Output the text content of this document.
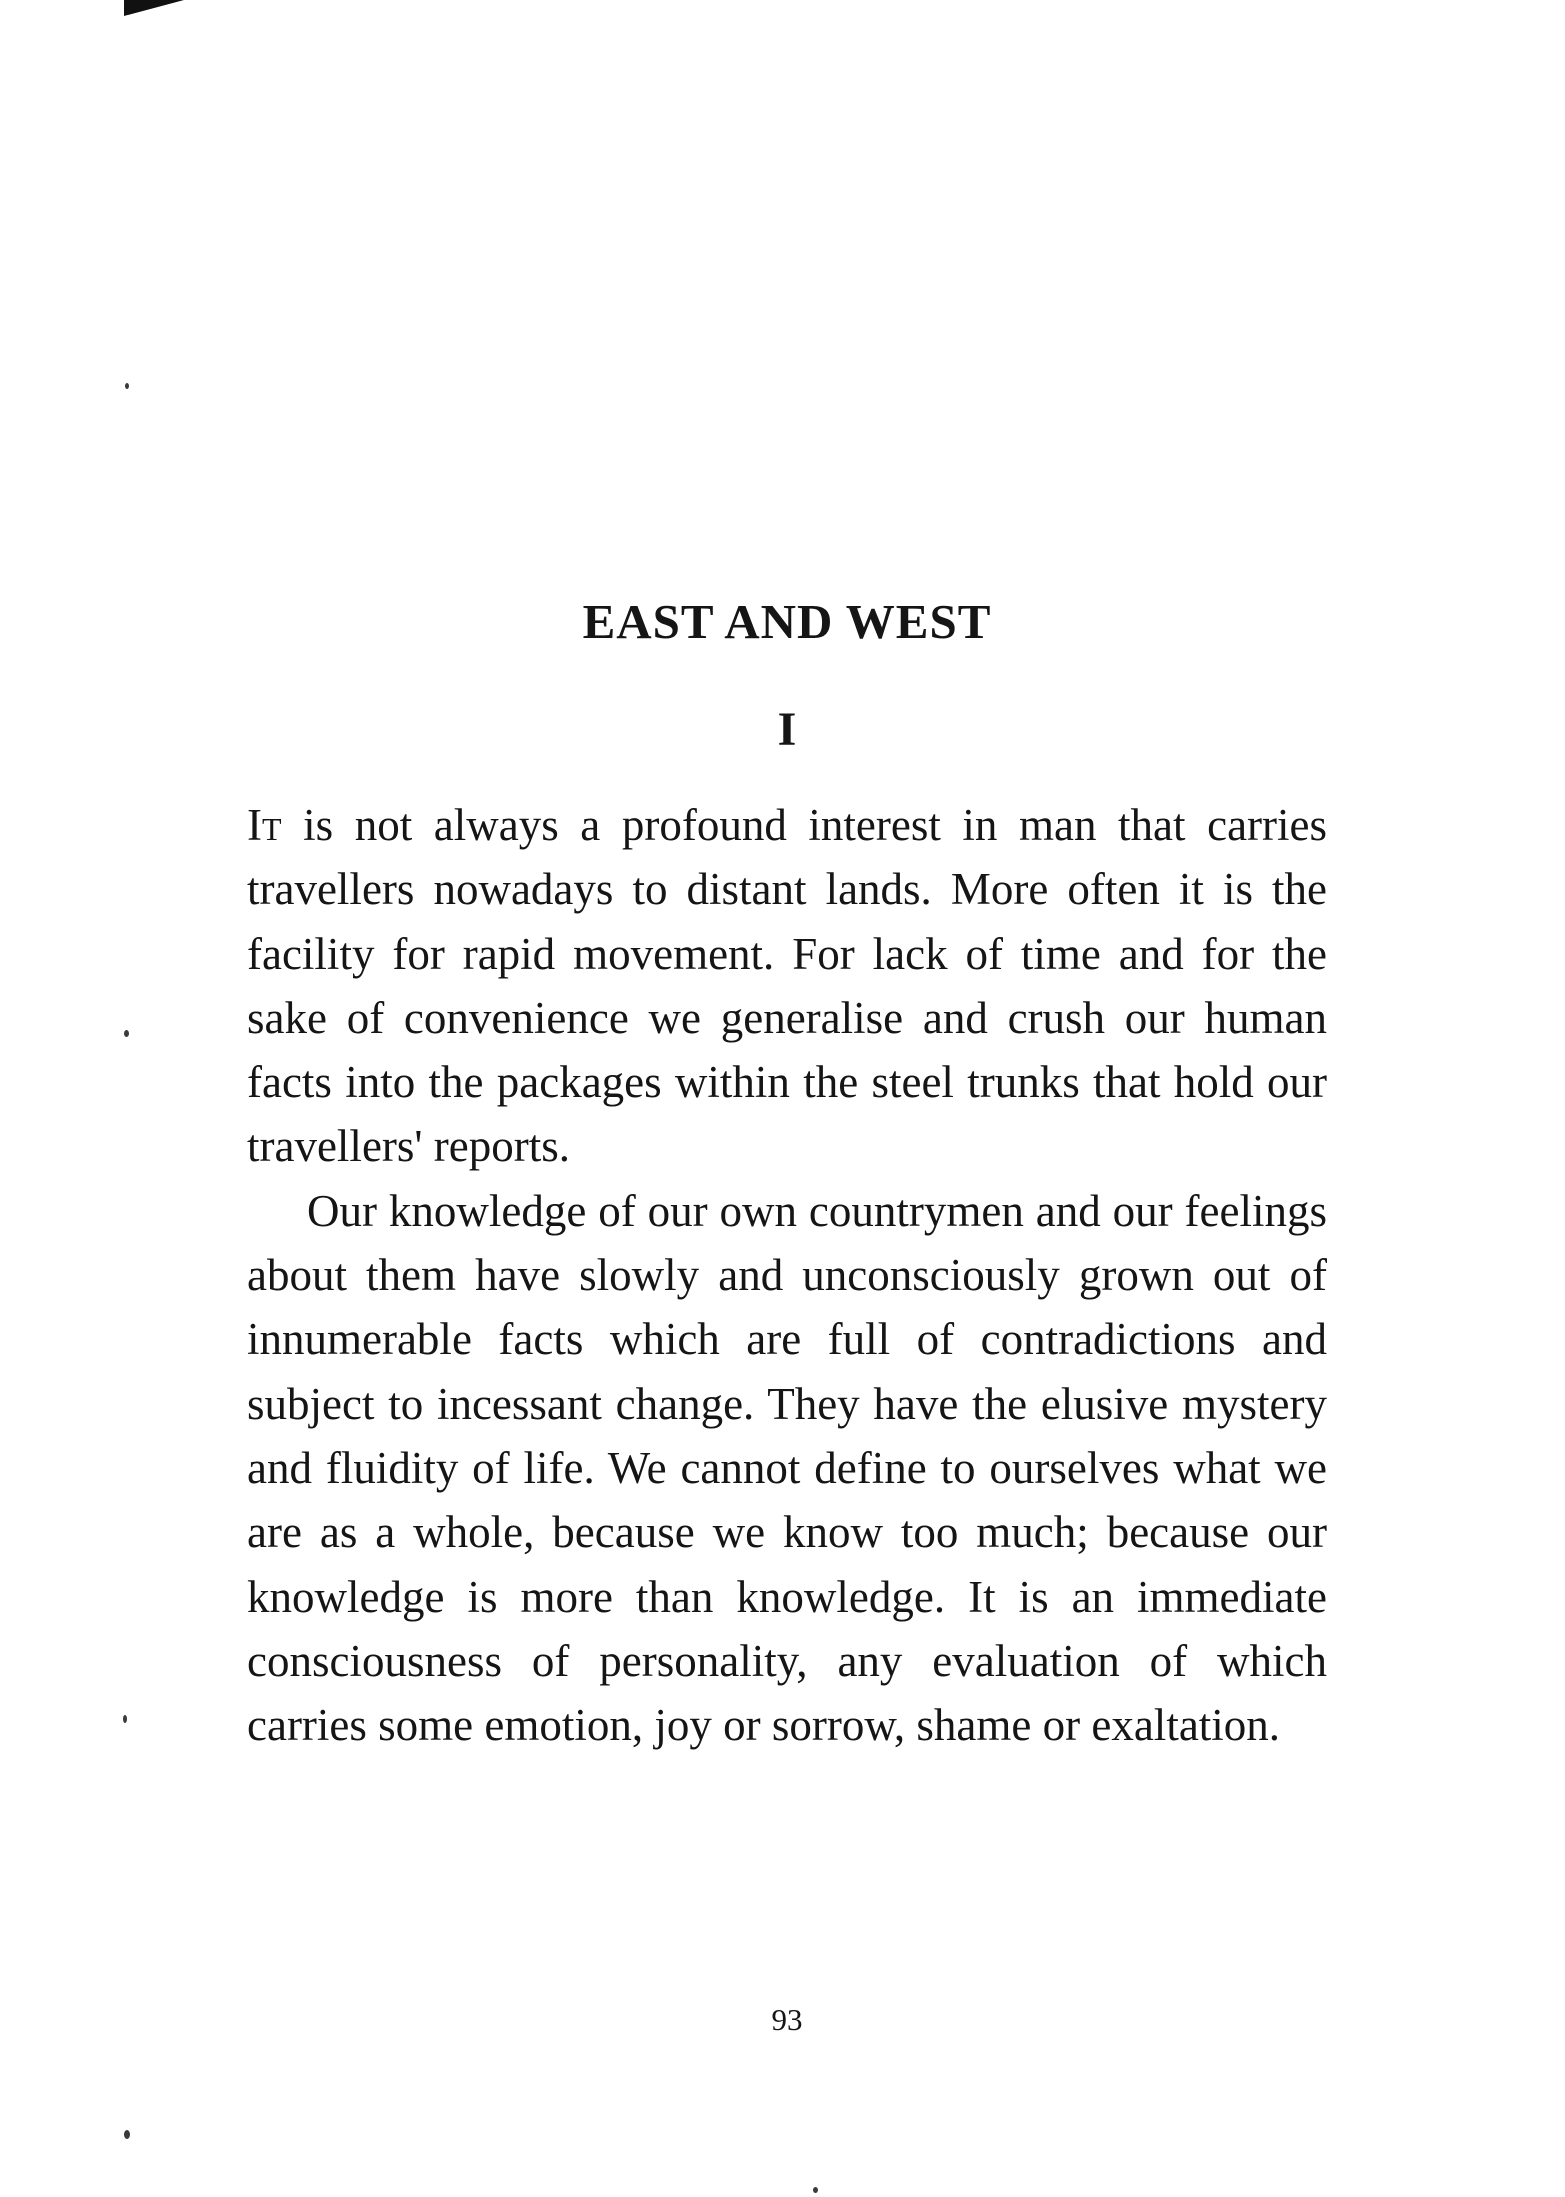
EAST AND WEST
I

It is not always a profound interest in man that carries travellers nowadays to distant lands. More often it is the facility for rapid movement. For lack of time and for the sake of convenience we generalise and crush our human facts into the packages within the steel trunks that hold our travellers' reports.

Our knowledge of our own countrymen and our feelings about them have slowly and unconsciously grown out of innumerable facts which are full of contradictions and subject to incessant change. They have the elusive mystery and fluidity of life. We cannot define to ourselves what we are as a whole, because we know too much; because our knowledge is more than knowledge. It is an immediate consciousness of personality, any evaluation of which carries some emotion, joy or sorrow, shame or exaltation.

93
